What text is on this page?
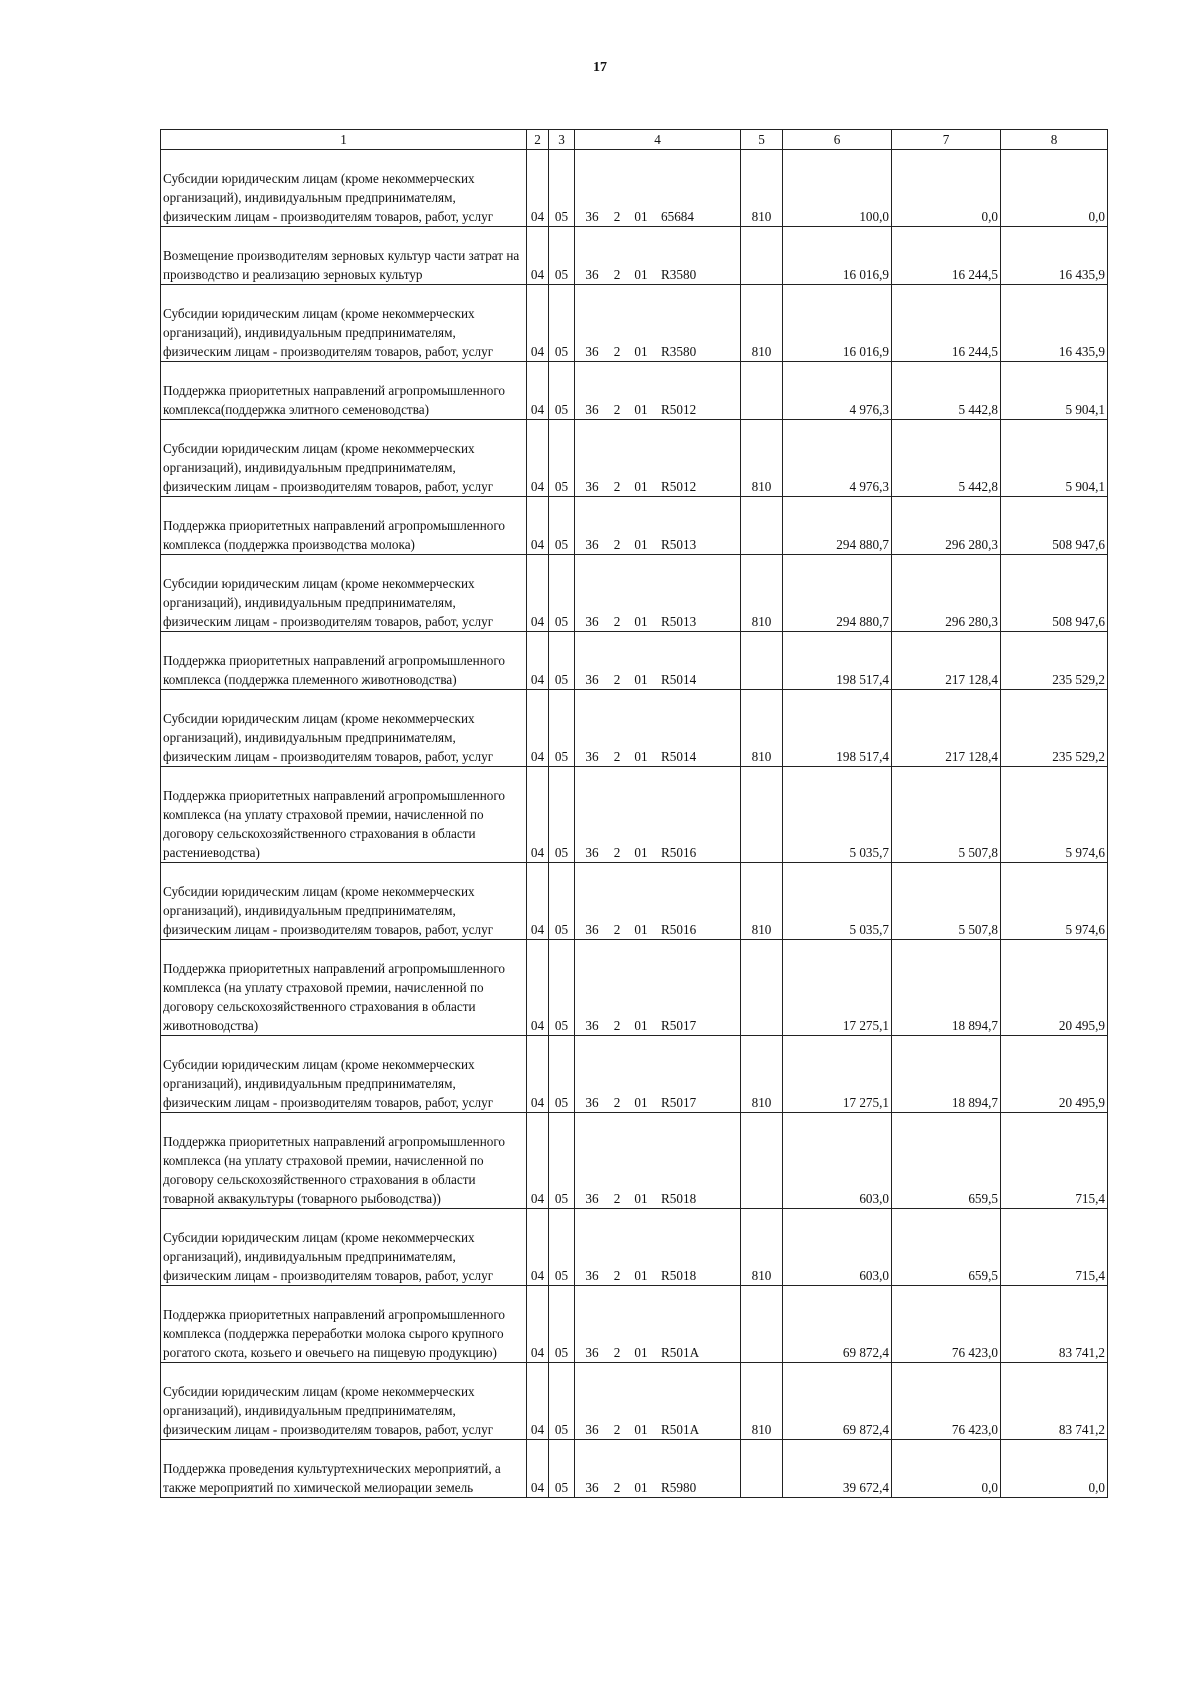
17
1	2	3	4	5	6	7	8

Субсидии юридическим лицам (кроме некоммерческих организаций), индивидуальным предпринимателям, физическим лицам - производителям товаров, работ, услуг	04	05	36 2 01 65684	810	100,0	0,0	0,0

Возмещение производителям зерновых культур части затрат на производство и реализацию зерновых культур	04	05	36 2 01 R3580		16 016,9	16 244,5	16 435,9

Субсидии юридическим лицам (кроме некоммерческих организаций), индивидуальным предпринимателям, физическим лицам - производителям товаров, работ, услуг	04	05	36 2 01 R3580	810	16 016,9	16 244,5	16 435,9

Поддержка приоритетных направлений агропромышленного комплекса(поддержка элитного семеноводства)	04	05	36 2 01 R5012		4 976,3	5 442,8	5 904,1

Субсидии юридическим лицам (кроме некоммерческих организаций), индивидуальным предпринимателям, физическим лицам - производителям товаров, работ, услуг	04	05	36 2 01 R5012	810	4 976,3	5 442,8	5 904,1

Поддержка приоритетных направлений агропромышленного комплекса (поддержка производства молока)	04	05	36 2 01 R5013		294 880,7	296 280,3	508 947,6

Субсидии юридическим лицам (кроме некоммерческих организаций), индивидуальным предпринимателям, физическим лицам - производителям товаров, работ, услуг	04	05	36 2 01 R5013	810	294 880,7	296 280,3	508 947,6

Поддержка приоритетных направлений агропромышленного комплекса (поддержка племенного животноводства)	04	05	36 2 01 R5014		198 517,4	217 128,4	235 529,2

Субсидии юридическим лицам (кроме некоммерческих организаций), индивидуальным предпринимателям, физическим лицам - производителям товаров, работ, услуг	04	05	36 2 01 R5014	810	198 517,4	217 128,4	235 529,2

Поддержка приоритетных направлений агропромышленного комплекса (на уплату страховой премии, начисленной по договору сельскохозяйственного страхования в области растениеводства)	04	05	36 2 01 R5016		5 035,7	5 507,8	5 974,6

Субсидии юридическим лицам (кроме некоммерческих организаций), индивидуальным предпринимателям, физическим лицам - производителям товаров, работ, услуг	04	05	36 2 01 R5016	810	5 035,7	5 507,8	5 974,6

Поддержка приоритетных направлений агропромышленного комплекса (на уплату страховой премии, начисленной по договору сельскохозяйственного страхования в области животноводства)	04	05	36 2 01 R5017		17 275,1	18 894,7	20 495,9

Субсидии юридическим лицам (кроме некоммерческих организаций), индивидуальным предпринимателям, физическим лицам - производителям товаров, работ, услуг	04	05	36 2 01 R5017	810	17 275,1	18 894,7	20 495,9

Поддержка приоритетных направлений агропромышленного комплекса (на уплату страховой премии, начисленной по договору сельскохозяйственного страхования в области товарной аквакультуры (товарного рыбоводства))	04	05	36 2 01 R5018		603,0	659,5	715,4

Субсидии юридическим лицам (кроме некоммерческих организаций), индивидуальным предпринимателям, физическим лицам - производителям товаров, работ, услуг	04	05	36 2 01 R5018	810	603,0	659,5	715,4

Поддержка приоритетных направлений агропромышленного комплекса (поддержка переработки молока сырого крупного рогатого скота, козьего и овечьего на пищевую продукцию)	04	05	36 2 01 R501A		69 872,4	76 423,0	83 741,2

Субсидии юридическим лицам (кроме некоммерческих организаций), индивидуальным предпринимателям, физическим лицам - производителям товаров, работ, услуг	04	05	36 2 01 R501A	810	69 872,4	76 423,0	83 741,2

Поддержка проведения культуртехнических мероприятий, а также мероприятий по химической мелиорации земель	04	05	36 2 01 R5980		39 672,4	0,0	0,0
